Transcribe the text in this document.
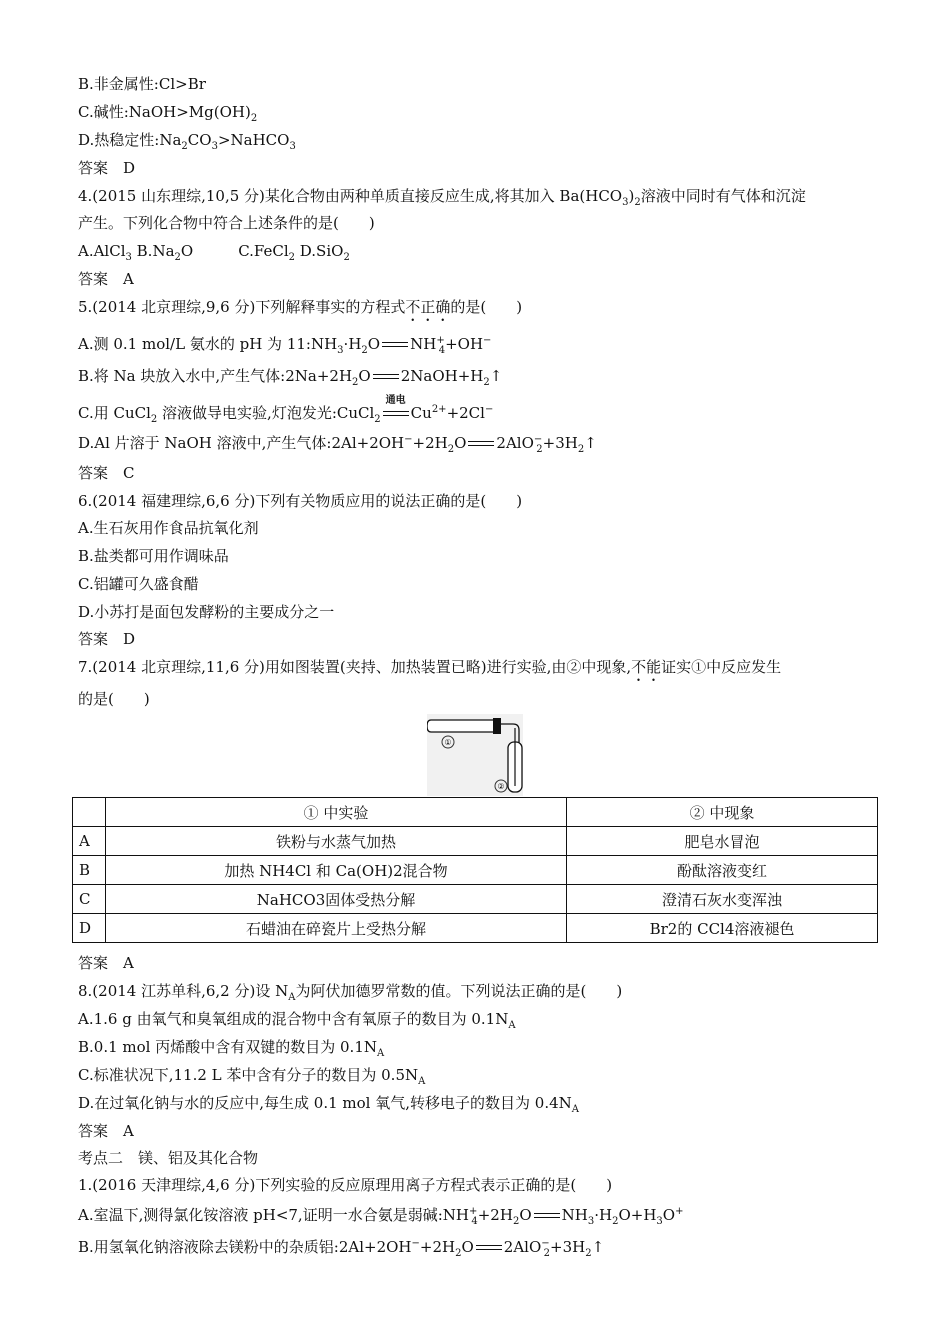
B.非金属性:Cl>Br
C.碱性$:NaOH>Mg(OH)_2$
D.热稳定性$:Na_2CO_3>NaHCO_3$
答案　D
4.(2015 山东理综,10,5 分)某化合物由两种单质直接反应生成,将其加入 $Ba(HCO_3)_2$溶液中同时有气体和沉淀
产生。下列化合物中符合上述条件的是(　　)
A.AlCl$_3$ $B.Na_2O$　　　C.FeCl$_2$ D.SiO$_2$
答案　A
5.(2014 北京理综,9,6 分)下列解释事实的方程式不正确的是(　　)
A.测 0.1 mol/L 氨水的 pH 为 $11:NH_3\cdot H_2O$ $NH^+_4+OH^-$
B.将 Na 块放入水中,产生气体$:2Na+2H_2O$ $2NaOH+H_2↑$
C.用 CuCl$_2$ 溶液做导电实验,灯泡发光:CuCl$_2$
通电
$Cu^{2+}+2Cl^-$
D.Al 片溶于 NaOH 溶液中,产生气体$:2Al+2OH^-+2H_2O$ $2AlO^-_2+3H_2↑$
答案　C
6.(2014 福建理综,6,6 分)下列有关物质应用的说法正确的是(　　)
A.生石灰用作食品抗氧化剂
B.盐类都可用作调味品
C.铝罐可久盛食醋
D.小苏打是面包发酵粉的主要成分之一
答案　D
7.(2014 北京理综,11,6 分)用如图装置(夹持、加热装置已略)进行实验,由②中现象,不能证实①中反应发生
的是(　　)
①
②
	① 中实验	② 中现象
A	铁粉与水蒸气加热	肥皂水冒泡
B	加热 NH4Cl 和 Ca(OH)2混合物	酚酞溶液变红
C	NaHCO3固体受热分解	澄清石灰水变浑浊
D	石蜡油在碎瓷片上受热分解	Br2的 CCl4溶液褪色
答案　A
8.(2014 江苏单科,6,2 分)设 $N_A$为阿伏加德罗常数的值。下列说法正确的是(　　)
A.1.6 g 由氧气和臭氧组成的混合物中含有氧原子的数目为 $0.1N_A$
B.0.1 mol 丙烯酸中含有双键的数目为 $0.1N_A$
C.标准状况下,11.2 L 苯中含有分子的数目为 $0.5N_A$
D.在过氧化钠与水的反应中,每生成 0.1 mol 氧气,转移电子的数目为 $0.4N_A$
答案　A
考点二　镁、铝及其化合物
1.(2016 天津理综,4,6 分)下列实验的反应原理用离子方程式表示正确的是(　　)
A.室温下,测得氯化铵溶液 pH<7,证明一水合氨是弱碱$:NH^+_4+2H_2O$ $NH_3\cdot H_2O+H_3O^+$
B.用氢氧化钠溶液除去镁粉中的杂质铝$:2Al+2OH^-+2H_2O$ $2AlO^-_2+3H_2↑$
